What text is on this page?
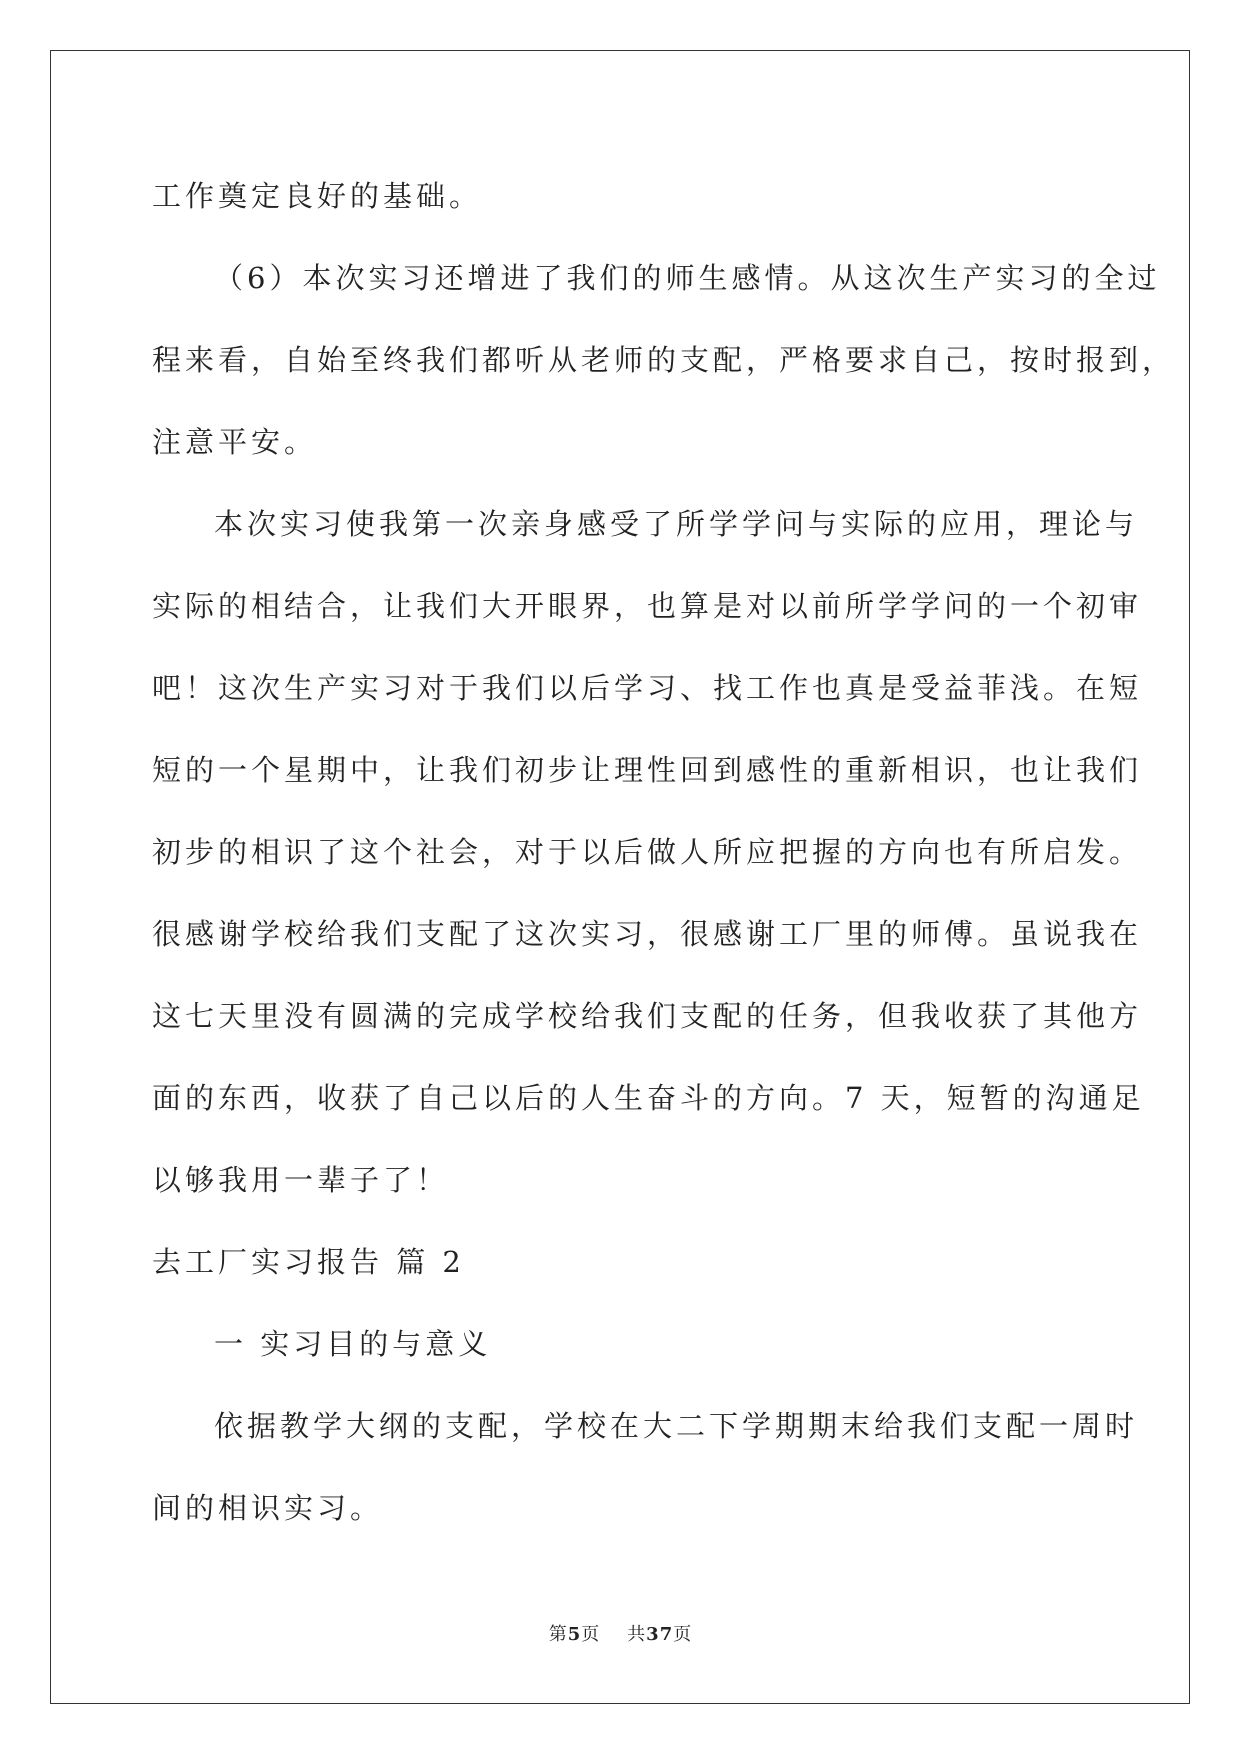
工作奠定良好的基础。

（6）本次实习还增进了我们的师生感情。从这次生产实习的全过

程来看，自始至终我们都听从老师的支配，严格要求自己，按时报到，

注意平安。

本次实习使我第一次亲身感受了所学学问与实际的应用，理论与

实际的相结合，让我们大开眼界，也算是对以前所学学问的一个初审

吧！这次生产实习对于我们以后学习、找工作也真是受益菲浅。在短

短的一个星期中，让我们初步让理性回到感性的重新相识，也让我们

初步的相识了这个社会，对于以后做人所应把握的方向也有所启发。

很感谢学校给我们支配了这次实习，很感谢工厂里的师傅。虽说我在

这七天里没有圆满的完成学校给我们支配的任务，但我收获了其他方

面的东西，收获了自己以后的人生奋斗的方向。7 天，短暂的沟通足

以够我用一辈子了！

去工厂实习报告 篇 2

一 实习目的与意义

依据教学大纲的支配，学校在大二下学期期末给我们支配一周时

间的相识实习。

第5页 共37页
